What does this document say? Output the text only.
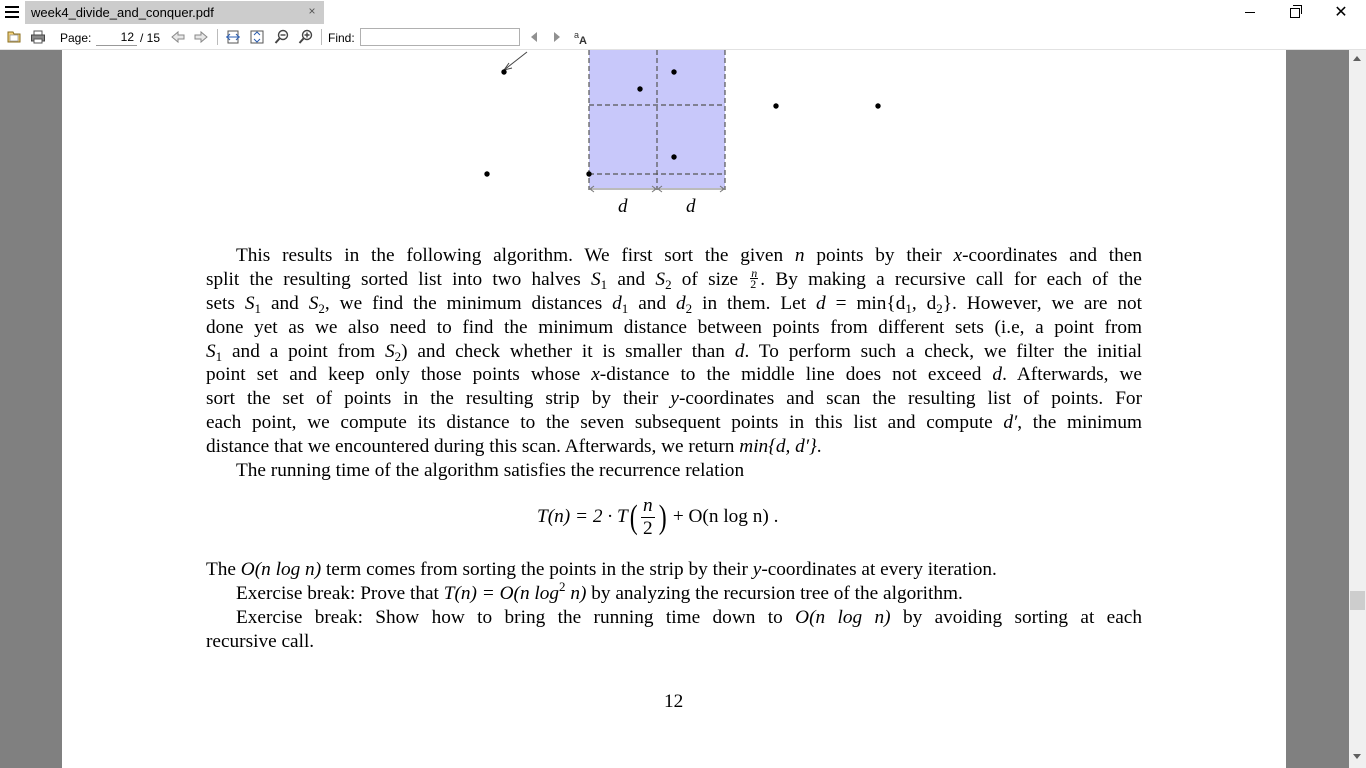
week4_divide_and_conquer.pdf	×	✕
Page:
12	/ 15	Find:	a A
d	d
This results in the following algorithm. We first sort the given n points by their x-coordinates and then
split the resulting sorted list into two halves $S_1$ and $S_2$ of size $\frac{n}{2}$ . By making a recursive call for each of the
sets $S_1$ and $S_2$, we find the minimum distances $d_1$ and $d_2$ in them. Let $d = \min\{d_1$, $d_2$}. However, we are not
done yet as we also need to find the minimum distance between points from different sets (i.e, a point from
$S_1$ and a point from $S_2$) and check whether it is smaller than d. To perform such a check, we filter the initial
point set and keep only those points whose x-distance to the middle line does not exceed d. Afterwards, we
sort the set of points in the resulting strip by their y-coordinates and scan the resulting list of points. For
each point, we compute its distance to the seven subsequent points in this list and compute d′, the minimum
distance that we encountered during this scan. Afterwards, we return min{d, d′}.
The running time of the algorithm satisfies the recurrence relation
$T(n) = 2 \cdot T( \frac{n}{2}$ ) + O(n log n) .
The O(n log n) term comes from sorting the points in the strip by their y-coordinates at every iteration.
Exercise break: Prove that T(n) = O(n $\log^2 n$) by analyzing the recursion tree of the algorithm.
Exercise break: Show how to bring the running time down to O(n log n) by avoiding sorting at each
recursive call.
12
